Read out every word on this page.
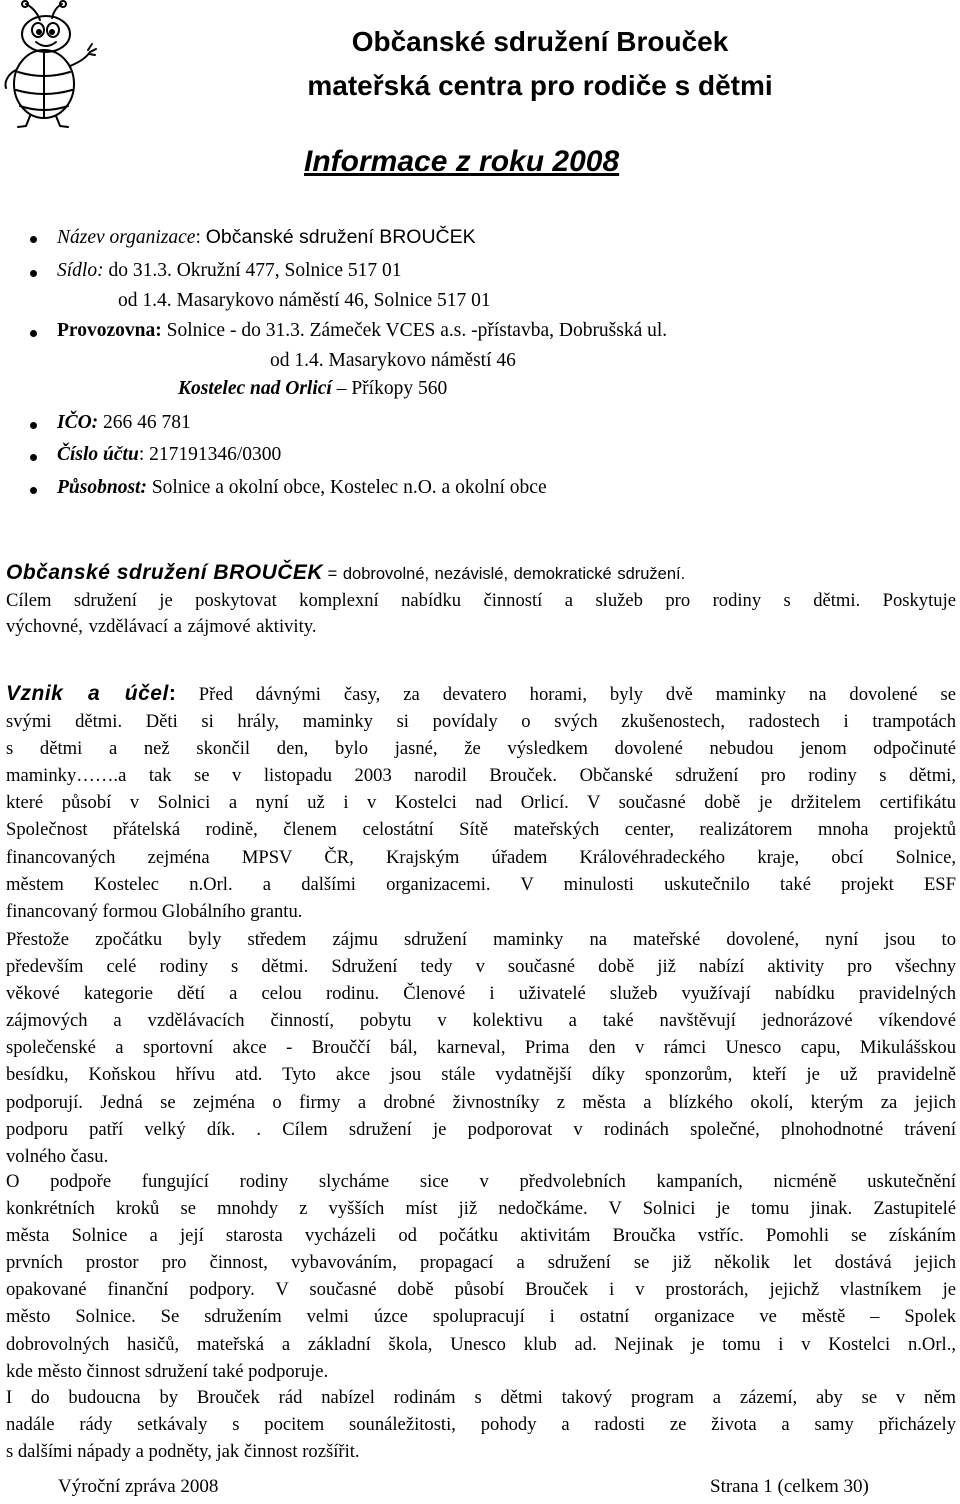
Občanské sdružení Brouček
mateřská centra pro rodiče s dětmi
Informace z roku 2008
Název organizace: Občanské sdružení BROUČEK
Sídlo: do 31.3. Okružní 477, Solnice 517 01
od 1.4. Masarykovo náměstí 46, Solnice 517 01
Provozovna: Solnice - do 31.3. Zámeček VCES a.s. -přístavba, Dobrušská ul.
od 1.4. Masarykovo náměstí 46
Kostelec nad Orlicí – Příkopy 560
IČO: 266 46 781
Číslo účtu: 217191346/0300
Působnost: Solnice a okolní obce, Kostelec n.O. a okolní obce
Občanské sdružení BROUČEK = dobrovolné, nezávislé, demokratické sdružení.
Cílem sdružení je poskytovat komplexní nabídku činností a služeb pro rodiny s dětmi. Poskytuje
výchovné, vzdělávací a zájmové aktivity.
Vznik a účel: Před dávnými časy, za devatero horami, byly dvě maminky na dovolené se
svými dětmi. Děti si hrály, maminky si povídaly o svých zkušenostech, radostech i trampotách
s dětmi a než skončil den, bylo jasné, že výsledkem dovolené nebudou jenom odpočinuté
maminky…….a tak se v listopadu 2003 narodil Brouček. Občanské sdružení pro rodiny s dětmi,
které působí v Solnici a nyní už i v Kostelci nad Orlicí. V současné době je držitelem certifikátu
Společnost přátelská rodině, členem celostátní Sítě mateřských center, realizátorem mnoha projektů
financovaných zejména MPSV ČR, Krajským úřadem Královéhradeckého kraje, obcí Solnice,
městem Kostelec n.Orl. a dalšími organizacemi. V minulosti uskutečnilo také projekt ESF
financovaný formou Globálního grantu.
Přestože zpočátku byly středem zájmu sdružení maminky na mateřské dovolené, nyní jsou to
především celé rodiny s dětmi. Sdružení tedy v současné době již nabízí aktivity pro všechny
věkové kategorie dětí a celou rodinu. Členové i uživatelé služeb využívají nabídku pravidelných
zájmových a vzdělávacích činností, pobytu v kolektivu a také navštěvují jednorázové víkendové
společenské a sportovní akce - Brouččí bál, karneval, Prima den v rámci Unesco capu, Mikulášskou
besídku, Koňskou hřívu atd. Tyto akce jsou stále vydatnější díky sponzorům, kteří je už pravidelně
podporují. Jedná se zejména o firmy a drobné živnostníky z města a blízkého okolí, kterým za jejich
podporu patří velký dík. . Cílem sdružení je podporovat v rodinách společné, plnohodnotné trávení
volného času.
O podpoře fungující rodiny slycháme sice v předvolebních kampaních, nicméně uskutečnění
konkrétních kroků se mnohdy z vyšších míst již nedočkáme. V Solnici je tomu jinak. Zastupitelé
města Solnice a její starosta vycházeli od počátku aktivitám Broučka vstříc. Pomohli se získáním
prvních prostor pro činnost, vybavováním, propagací a sdružení se již několik let dostává jejich
opakované finanční podpory. V současné době působí Brouček i v prostorách, jejichž vlastníkem je
město Solnice. Se sdružením velmi úzce spolupracují i ostatní organizace ve městě – Spolek
dobrovolných hasičů, mateřská a základní škola, Unesco klub ad. Nejinak je tomu i v Kostelci n.Orl.,
kde město činnost sdružení také podporuje.
I do budoucna by Brouček rád nabízel rodinám s dětmi takový program a zázemí, aby se v něm
nadále rády setkávaly s pocitem sounáležitosti, pohody a radosti ze života a samy přicházely
s dalšími nápady a podněty, jak činnost rozšířit.
Výroční zpráva 2008	Strana 1 (celkem 30)
